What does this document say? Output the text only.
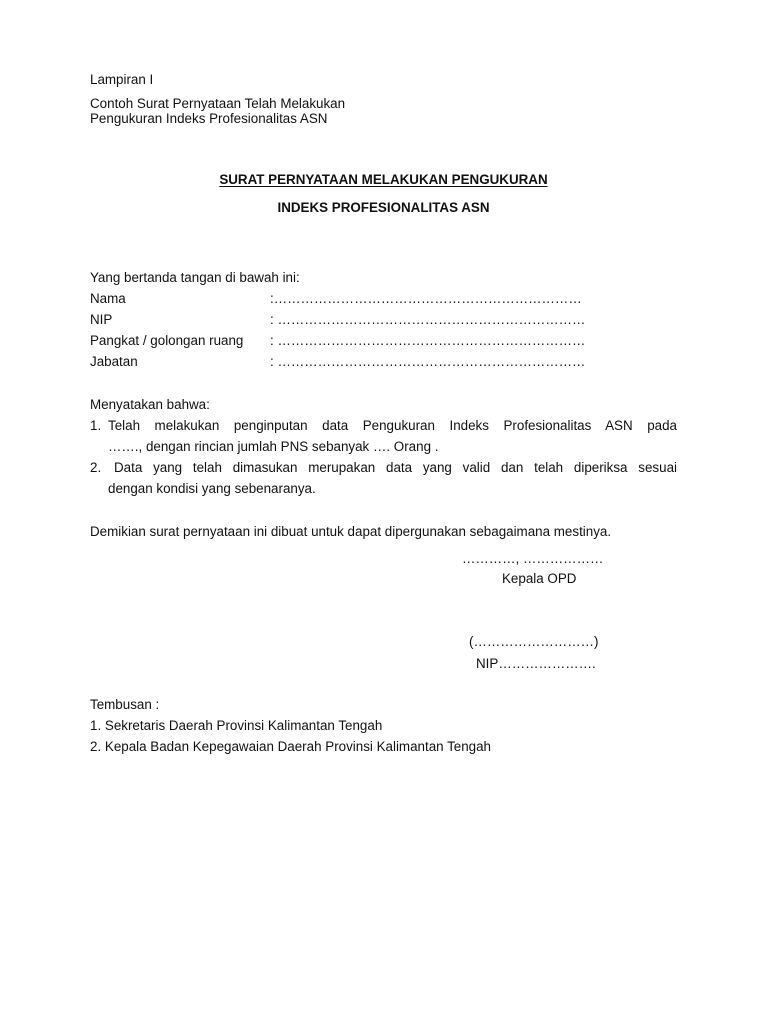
Lampiran I
Contoh Surat Pernyataan Telah Melakukan
Pengukuran Indeks Profesionalitas ASN
SURAT PERNYATAAN MELAKUKAN PENGUKURAN
INDEKS PROFESIONALITAS ASN
Yang bertanda tangan di bawah ini:
Nama	:……………………………………………………………
NIP	: ……………………………………………………………
Pangkat / golongan ruang : ……………………………………………………………
Jabatan	: ……………………………………………………………
Menyatakan bahwa:
1. Telah melakukan penginputan data Pengukuran Indeks Profesionalitas ASN pada
……., dengan rincian jumlah PNS sebanyak …. Orang .
2. Data yang telah dimasukan merupakan data yang valid dan telah diperiksa sesuai
dengan kondisi yang sebenaranya.
Demikian surat pernyataan ini dibuat untuk dapat dipergunakan sebagaimana mestinya.
…………, ………………
Kepala OPD
(………………………)
NIP………………….
Tembusan :
1. Sekretaris Daerah Provinsi Kalimantan Tengah
2. Kepala Badan Kepegawaian Daerah Provinsi Kalimantan Tengah
